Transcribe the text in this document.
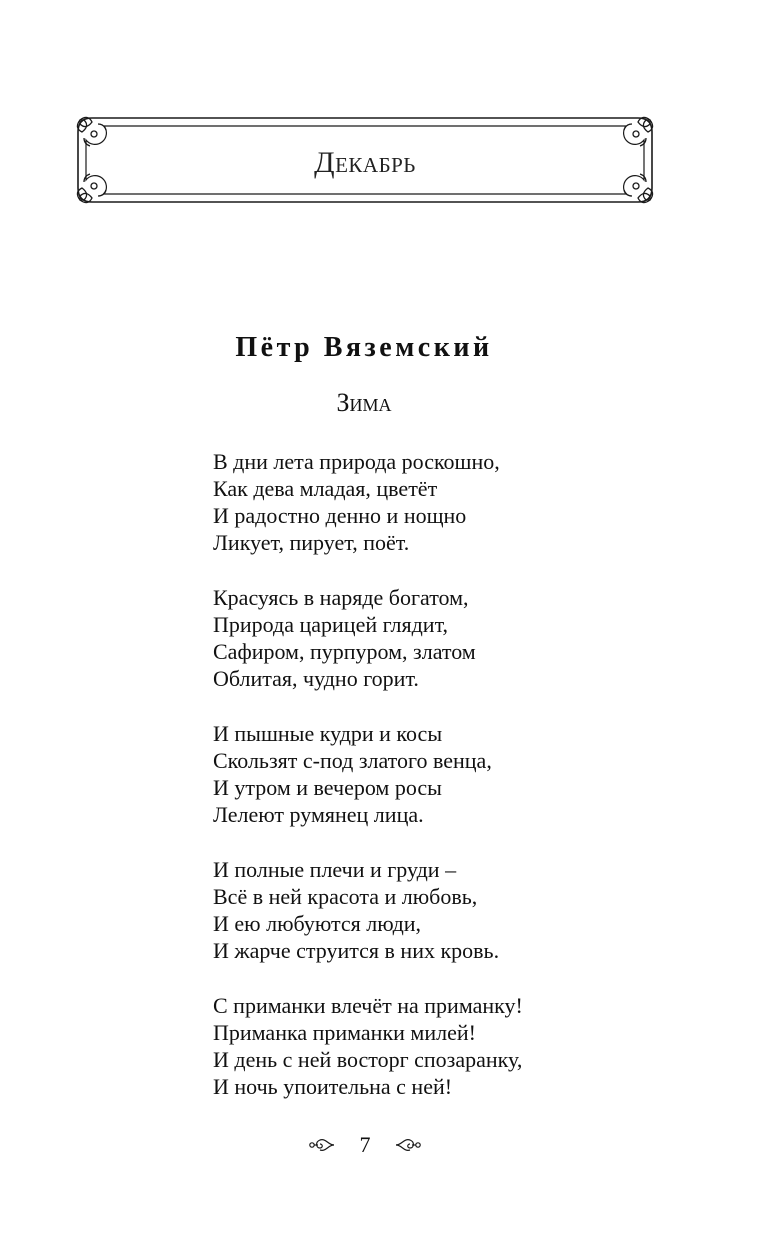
Декабрь
Пётр Вяземский
Зима
В дни лета природа роскошно,
Как дева младая, цветёт
И радостно денно и нощно
Ликует, пирует, поёт.
Красуясь в наряде богатом,
Природа царицей глядит,
Сафиром, пурпуром, златом
Облитая, чудно горит.
И пышные кудри и косы
Скользят с-под златого венца,
И утром и вечером росы
Лелеют румянец лица.
И полные плечи и груди –
Всё в ней красота и любовь,
И ею любуются люди,
И жарче струится в них кровь.
С приманки влечёт на приманку!
Приманка приманки милей!
И день с ней восторг спозаранку,
И ночь упоительна с ней!
7
